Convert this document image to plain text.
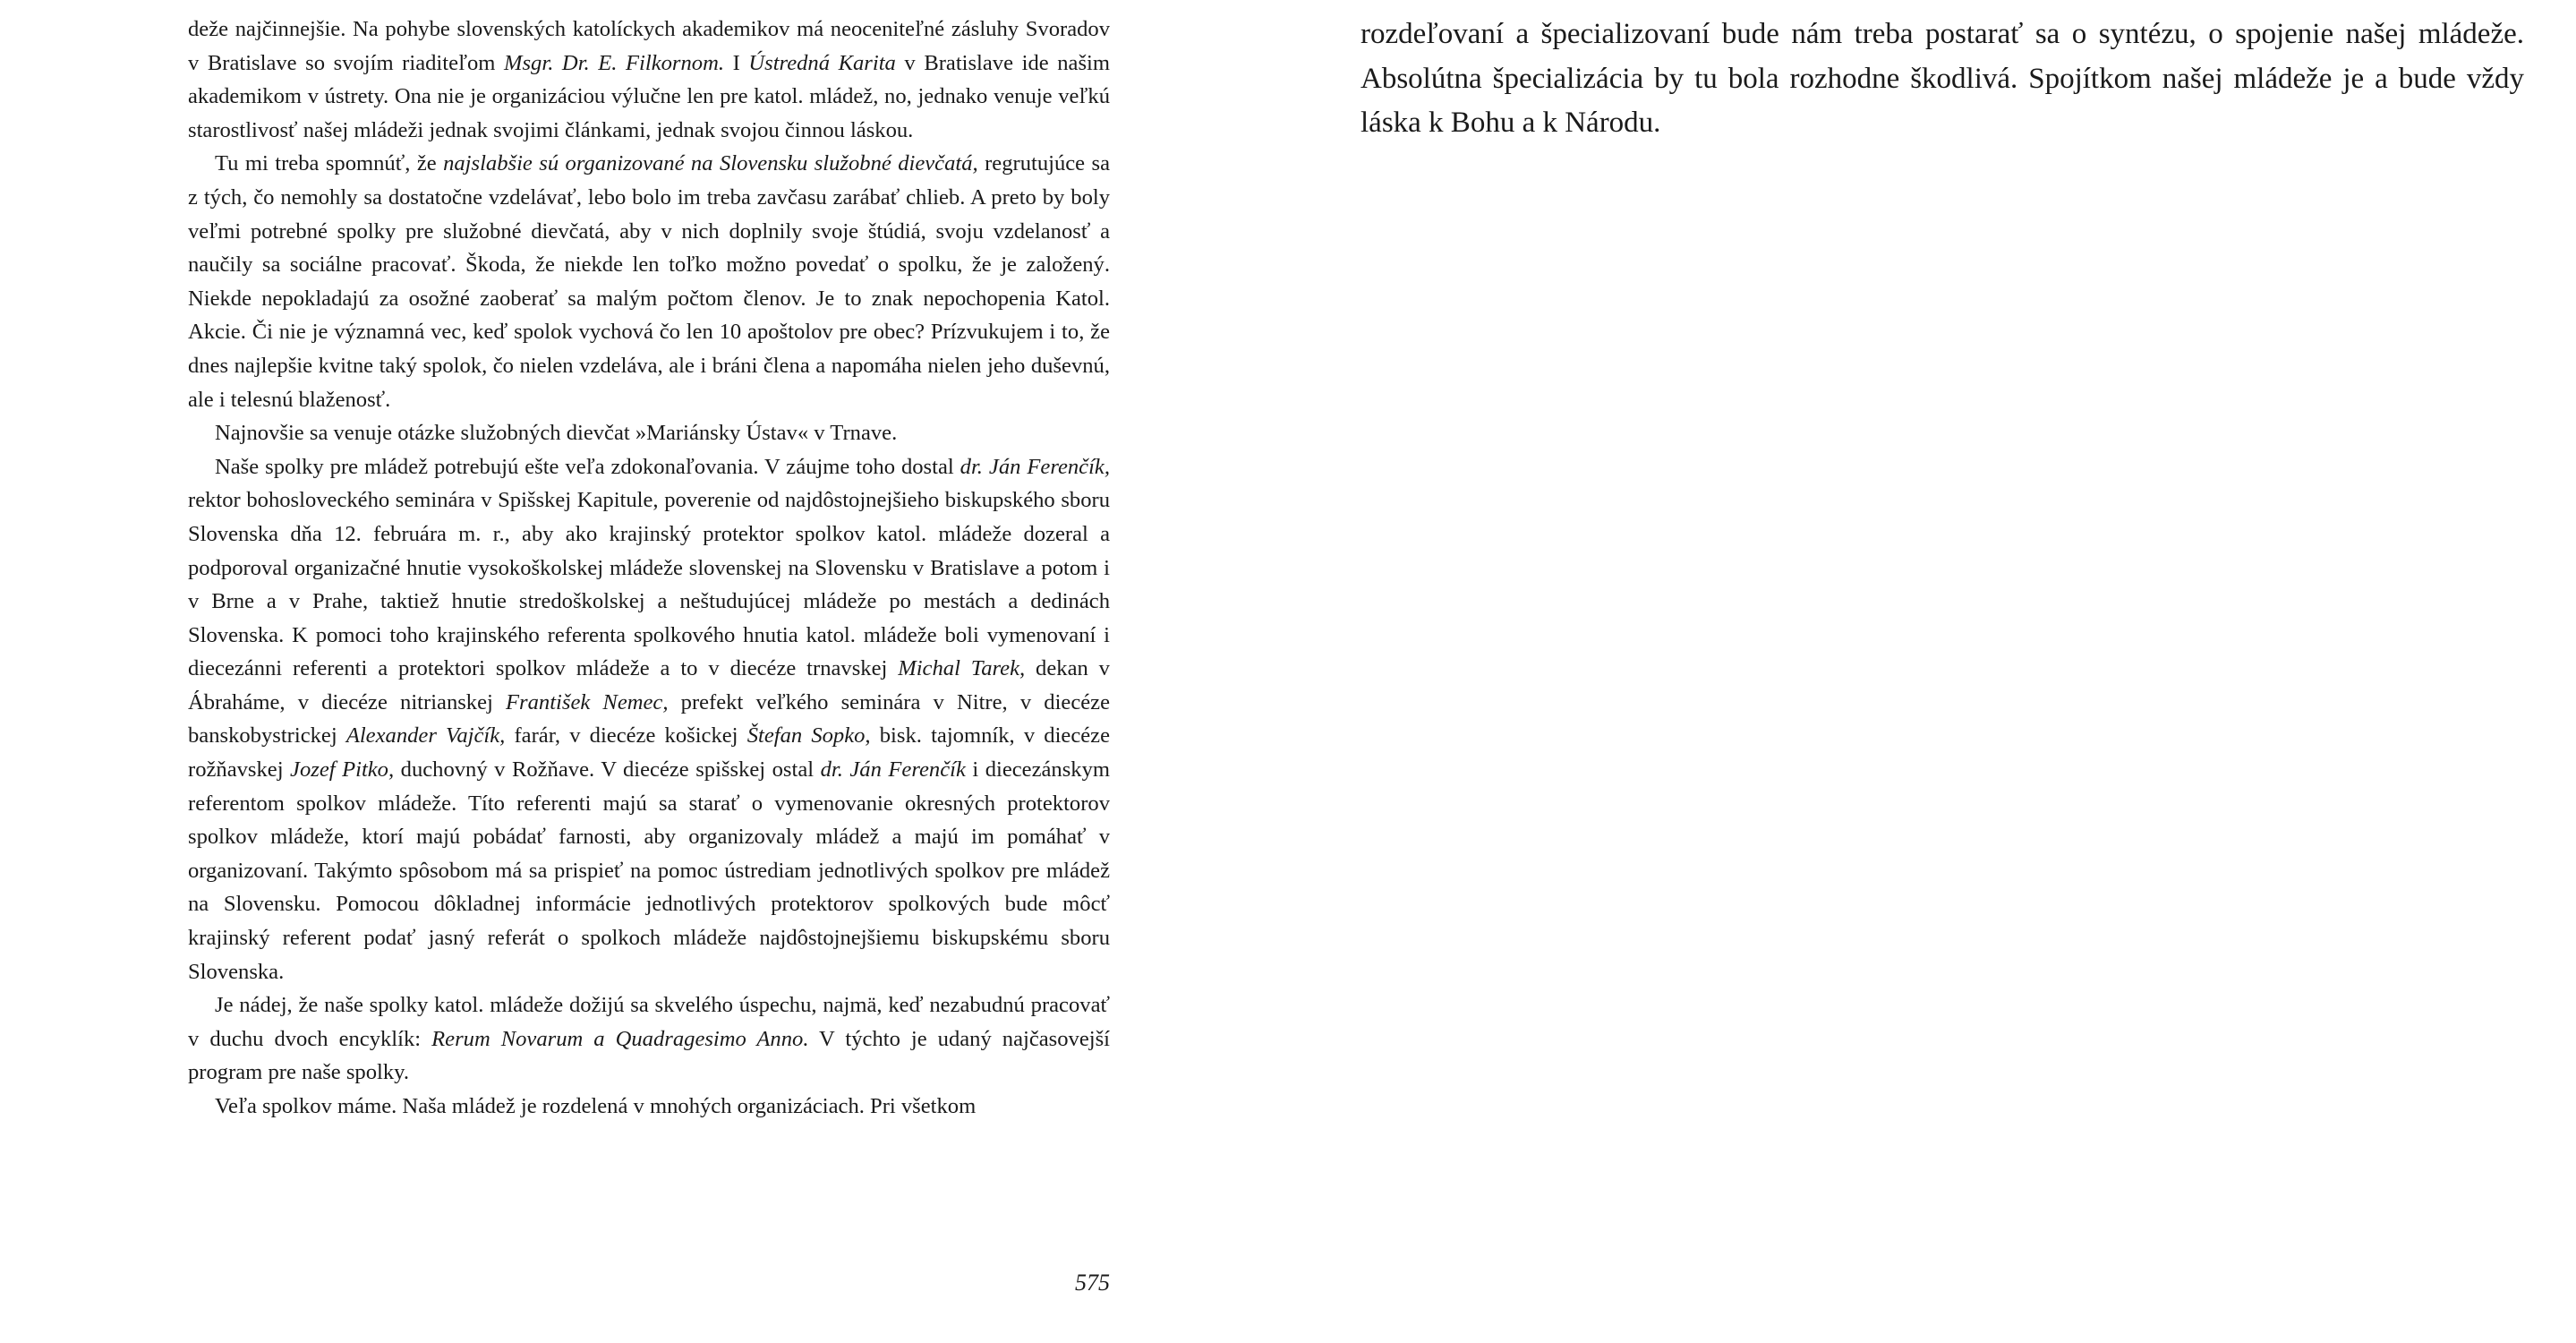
deže najčinnejšie. Na pohybe slovenských katolíckych akademikov má neoceniteľné zásluhy Svoradov v Bratislave so svojím riaditeľom Msgr. Dr. E. Filkornom. I Ústredná Karita v Bratislave ide našim akademikom v ústrety. Ona nie je organizáciou výlučne len pre katol. mládež, no, jednako venuje veľkú starostlivosť našej mládeži jednak svojimi článkami, jednak svojou činnou láskou.

Tu mi treba spomnúť, že najslabšie sú organizované na Slovensku služobné dievčatá, regrutujúce sa z tých, čo nemohly sa dostatočne vzdelávať, lebo bolo im treba zavčasu zarábať chlieb. A preto by boly veľmi potrebné spolky pre služobné dievčatá, aby v nich doplnily svoje štúdiá, svoju vzdelanosť a naučily sa sociálne pracovať. Škoda, že niekde len toľko možno povedať o spolku, že je založený. Niekde nepokladajú za osožné zaoberať sa malým počtom členov. Je to znak nepochopenia Katol. Akcie. Či nie je významná vec, keď spolok vychová čo len 10 apoštolov pre obec? Prízvukujem i to, že dnes najlepšie kvitne taký spolok, čo nielen vzdeláva, ale i bráni člena a napomáha nielen jeho duševnú, ale i telesnú blaženosť.

Najnovšie sa venuje otázke služobných dievčat »Mariánsky Ústav« v Trnave.

Naše spolky pre mládež potrebujú ešte veľa zdokonaľovania. V záujme toho dostal dr. Ján Ferenčík, rektor bohosloveckého seminára v Spišskej Kapitule, poverenie od najdôstojnejšieho biskupského sboru Slovenska dňa 12. februára m. r., aby ako krajinský protektor spolkov katol. mládeže dozeral a podporoval organizačné hnutie vysokoškolskej mládeže slovenskej na Slovensku v Bratislave a potom i v Brne a v Prahe, taktiež hnutie stredoškolskej a neštudujúcej mládeže po mestách a dedinách Slovenska. K pomoci toho krajinského referenta spolkového hnutia katol. mládeže boli vymenovaní i diecezánni referenti a protektori spolkov mládeže a to v diecéze trnavskej Michal Tarek, dekan v Ábraháme, v diecéze nitrianskej František Nemec, prefekt veľkého seminára v Nitre, v diecéze banskobystrickej Alexander Vajčík, farár, v diecéze košickej Štefan Sopko, bisk. tajomník, v diecéze rožňavskej Jozef Pitko, duchovný v Rožňave. V diecéze spišskej ostal dr. Ján Ferenčík i diecezánskym referentom spolkov mládeže. Títo referenti majú sa starať o vymenovanie okresných protektorov spolkov mládeže, ktorí majú pobádať farnosti, aby organizovaly mládež a majú im pomáhať v organizovaní. Takýmto spôsobom má sa prispieť na pomoc ústrediam jednotlivých spolkov pre mládež na Slovensku. Pomocou dôkladnej informácie jednotlivých protektorov spolkových bude môcť krajinský referent podať jasný referát o spolkoch mládeže najdôstojnejšiemu biskupskému sboru Slovenska.

Je nádej, že naše spolky katol. mládeže dožijú sa skvelého úspechu, najmä, keď nezabudnú pracovať v duchu dvoch encyklík: Rerum Novarum a Quadragesimo Anno. V týchto je udaný najčasovejší program pre naše spolky.

Veľa spolkov máme. Naša mládež je rozdelená v mnohých organizáciach. Pri všetkom

575

rozdeľovaní a špecializovaní bude nám treba postarať sa o syntézu, o spojenie našej mládeže. Absolútna špecializácia by tu bola rozhodne škodlivá. Spojítkom našej mládeže je a bude vždy láska k Bohu a k Národu.
